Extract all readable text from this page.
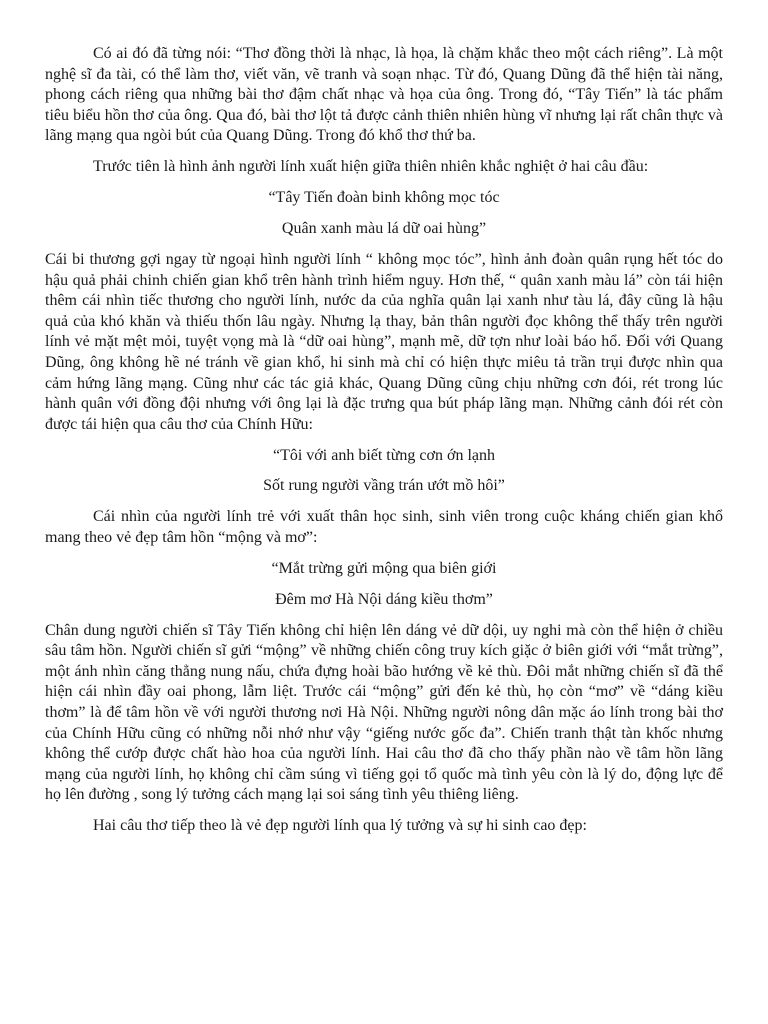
Có ai đó đã từng nói: “Thơ đồng thời là nhạc, là họa, là chặm khắc theo một cách riêng”. Là một nghệ sĩ đa tài, có thể làm thơ, viết văn, vẽ tranh và soạn nhạc. Từ đó, Quang Dũng đã thể hiện tài năng, phong cách riêng qua những bài thơ đậm chất nhạc và họa của ông. Trong đó, “Tây Tiến” là tác phẩm tiêu biểu hồn thơ của ông. Qua đó, bài thơ lột tả được cảnh thiên nhiên hùng vĩ nhưng lại rất chân thực và lãng mạng qua ngòi bút của Quang Dũng. Trong đó khổ thơ thứ ba.

Trước tiên là hình ảnh người lính xuất hiện giữa thiên nhiên khắc nghiệt ở hai câu đầu:

“Tây Tiến đoàn binh không mọc tóc

Quân xanh màu lá dữ oai hùng”

Cái bi thương gợi ngay từ ngoại hình người lính “ không mọc tóc”, hình ảnh đoàn quân rụng hết tóc do hậu quả phải chinh chiến gian khổ trên hành trình hiểm nguy. Hơn thế, “ quân xanh màu lá” còn tái hiện thêm cái nhìn tiếc thương cho người lính, nước da của nghĩa quân lại xanh như tàu lá, đây cũng là hậu quả của khó khăn và thiếu thốn lâu ngày. Nhưng lạ thay, bản thân người đọc không thể thấy trên người lính vẻ mặt mệt mỏi, tuyệt vọng mà là “dữ oai hùng”, mạnh mẽ, dữ tợn như loài báo hổ. Đối với Quang Dũng, ông không hề né tránh về gian khổ, hi sinh mà chỉ có hiện thực miêu tả trần trụi được nhìn qua cảm hứng lãng mạng. Cũng như các tác giả khác, Quang Dũng cũng chịu những cơn đói, rét trong lúc hành quân với đồng đội nhưng với ông lại là đặc trưng qua bút pháp lãng mạn. Những cảnh đói rét còn được tái hiện qua câu thơ của Chính Hữu:

“Tôi với anh biết từng cơn ớn lạnh

Sốt rung người vầng trán ướt mồ hôi”

Cái nhìn của người lính trẻ với xuất thân học sinh, sinh viên trong cuộc kháng chiến gian khổ mang theo vẻ đẹp tâm hồn “mộng và mơ”:

“Mắt trừng gửi mộng qua biên giới

Đêm mơ Hà Nội dáng kiều thơm”

Chân dung người chiến sĩ Tây Tiến không chỉ hiện lên dáng vẻ dữ dội, uy nghi mà còn thể hiện ở chiều sâu tâm hồn. Người chiến sĩ gửi “mộng” về những chiến công truy kích giặc ở biên giới với “mắt trừng”, một ánh nhìn căng thẳng nung nấu, chứa đựng hoài bão hướng về kẻ thù. Đôi mắt những chiến sĩ đã thể hiện cái nhìn đầy oai phong, lẫm liệt. Trước cái “mộng” gửi đến kẻ thù, họ còn “mơ” về “dáng kiều thơm” là để tâm hồn về với người thương nơi Hà Nội. Những người nông dân mặc áo lính trong bài thơ của Chính Hữu cũng có những nỗi nhớ như vậy “giếng nước gốc đa”. Chiến tranh thật tàn khốc nhưng không thể cướp được chất hào hoa của người lính. Hai câu thơ đã cho thấy phần nào về tâm hồn lãng mạng của người lính, họ không chỉ cầm súng vì tiếng gọi tổ quốc mà tình yêu còn là lý do, động lực để họ lên đường , song lý tưởng cách mạng lại soi sáng tình yêu thiêng liêng.

Hai câu thơ tiếp theo là vẻ đẹp người lính qua lý tưởng và sự hi sinh cao đẹp:
